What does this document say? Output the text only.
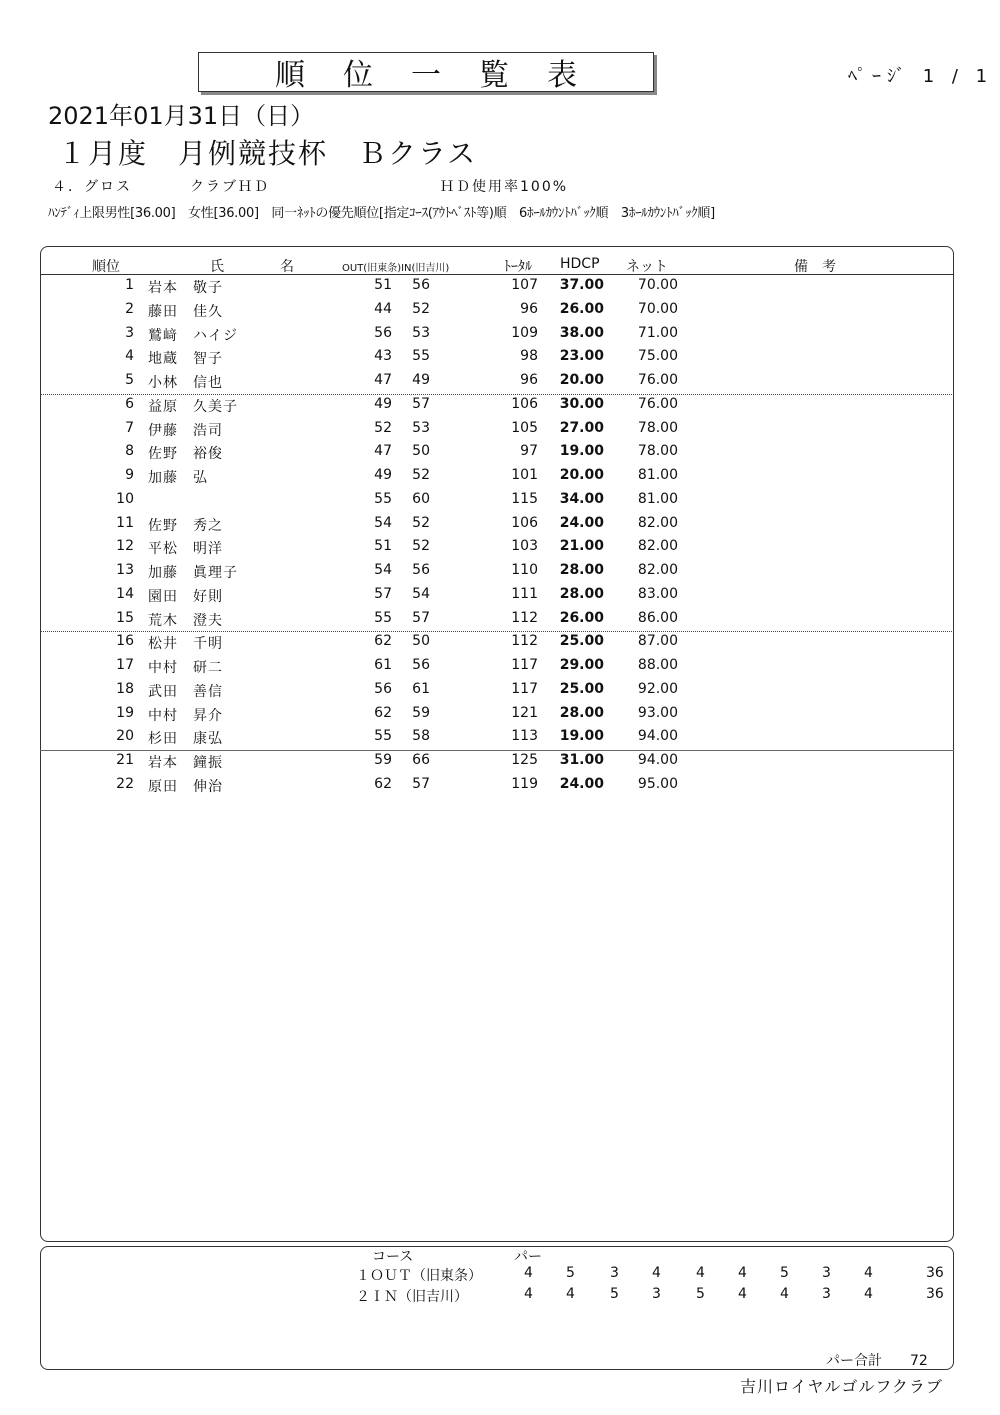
順位一覧表	ﾍﾟｰｼﾞ 1 / 1
2021年01月31日（日）
１月度　月例競技杯　Ｂクラス
４．グロス	クラブＨＤ	ＨＤ使用率100%
ﾊﾝﾃﾞｨ上限男性[36.00]　女性[36.00]　同一ﾈｯﾄの優先順位[指定ｺｰｽ(ｱｳﾄﾍﾞｽﾄ等)順　6ﾎｰﾙｶｳﾝﾄﾊﾞｯｸ順　3ﾎｰﾙｶｳﾝﾄﾊﾞｯｸ順]
順位	氏　　　　名	OUT(旧東条)IN(旧吉川)	ﾄｰﾀﾙ HDCP ネット	備　考
1 岩本　敬子	51	56	107 37.00	70.00
2 藤田　佳久	44	52	96 26.00	70.00
3 鷲﨑　ハイジ	56	53	109 38.00	71.00
4 地蔵　智子	43	55	98 23.00	75.00
5 小林　信也	47	49	96 20.00	76.00
6 益原　久美子	49	57	106 30.00	76.00
7 伊藤　浩司	52	53	105 27.00	78.00
8 佐野　裕俊	47	50	97 19.00	78.00
9 加藤　弘	49	52	101 20.00	81.00
10	55	60	115 34.00	81.00
11 佐野　秀之	54	52	106 24.00	82.00
12 平松　明洋	51	52	103 21.00	82.00
13 加藤　眞理子	54	56	110 28.00	82.00
14 園田　好則	57	54	111 28.00	83.00
15 荒木　澄夫	55	57	112 26.00	86.00
16 松井　千明	62	50	112 25.00	87.00
17 中村　研二	61	56	117 29.00	88.00
18 武田　善信	56	61	117 25.00	92.00
19 中村　昇介	62	59	121 28.00	93.00
20 杉田　康弘	55	58	113 19.00	94.00
21 岩本　鐘振	59	66	125 31.00	94.00
22 原田　伸治	62	57	119 24.00	95.00
コース	パー
１ＯＵＴ（旧東条）	4 5	3 4	4 4 5 3 4	36
２ＩＮ（旧吉川）	4 4	5 3	5 4 4 3 4	36
パー合計　　72
吉川ロイヤルゴルフクラブ
